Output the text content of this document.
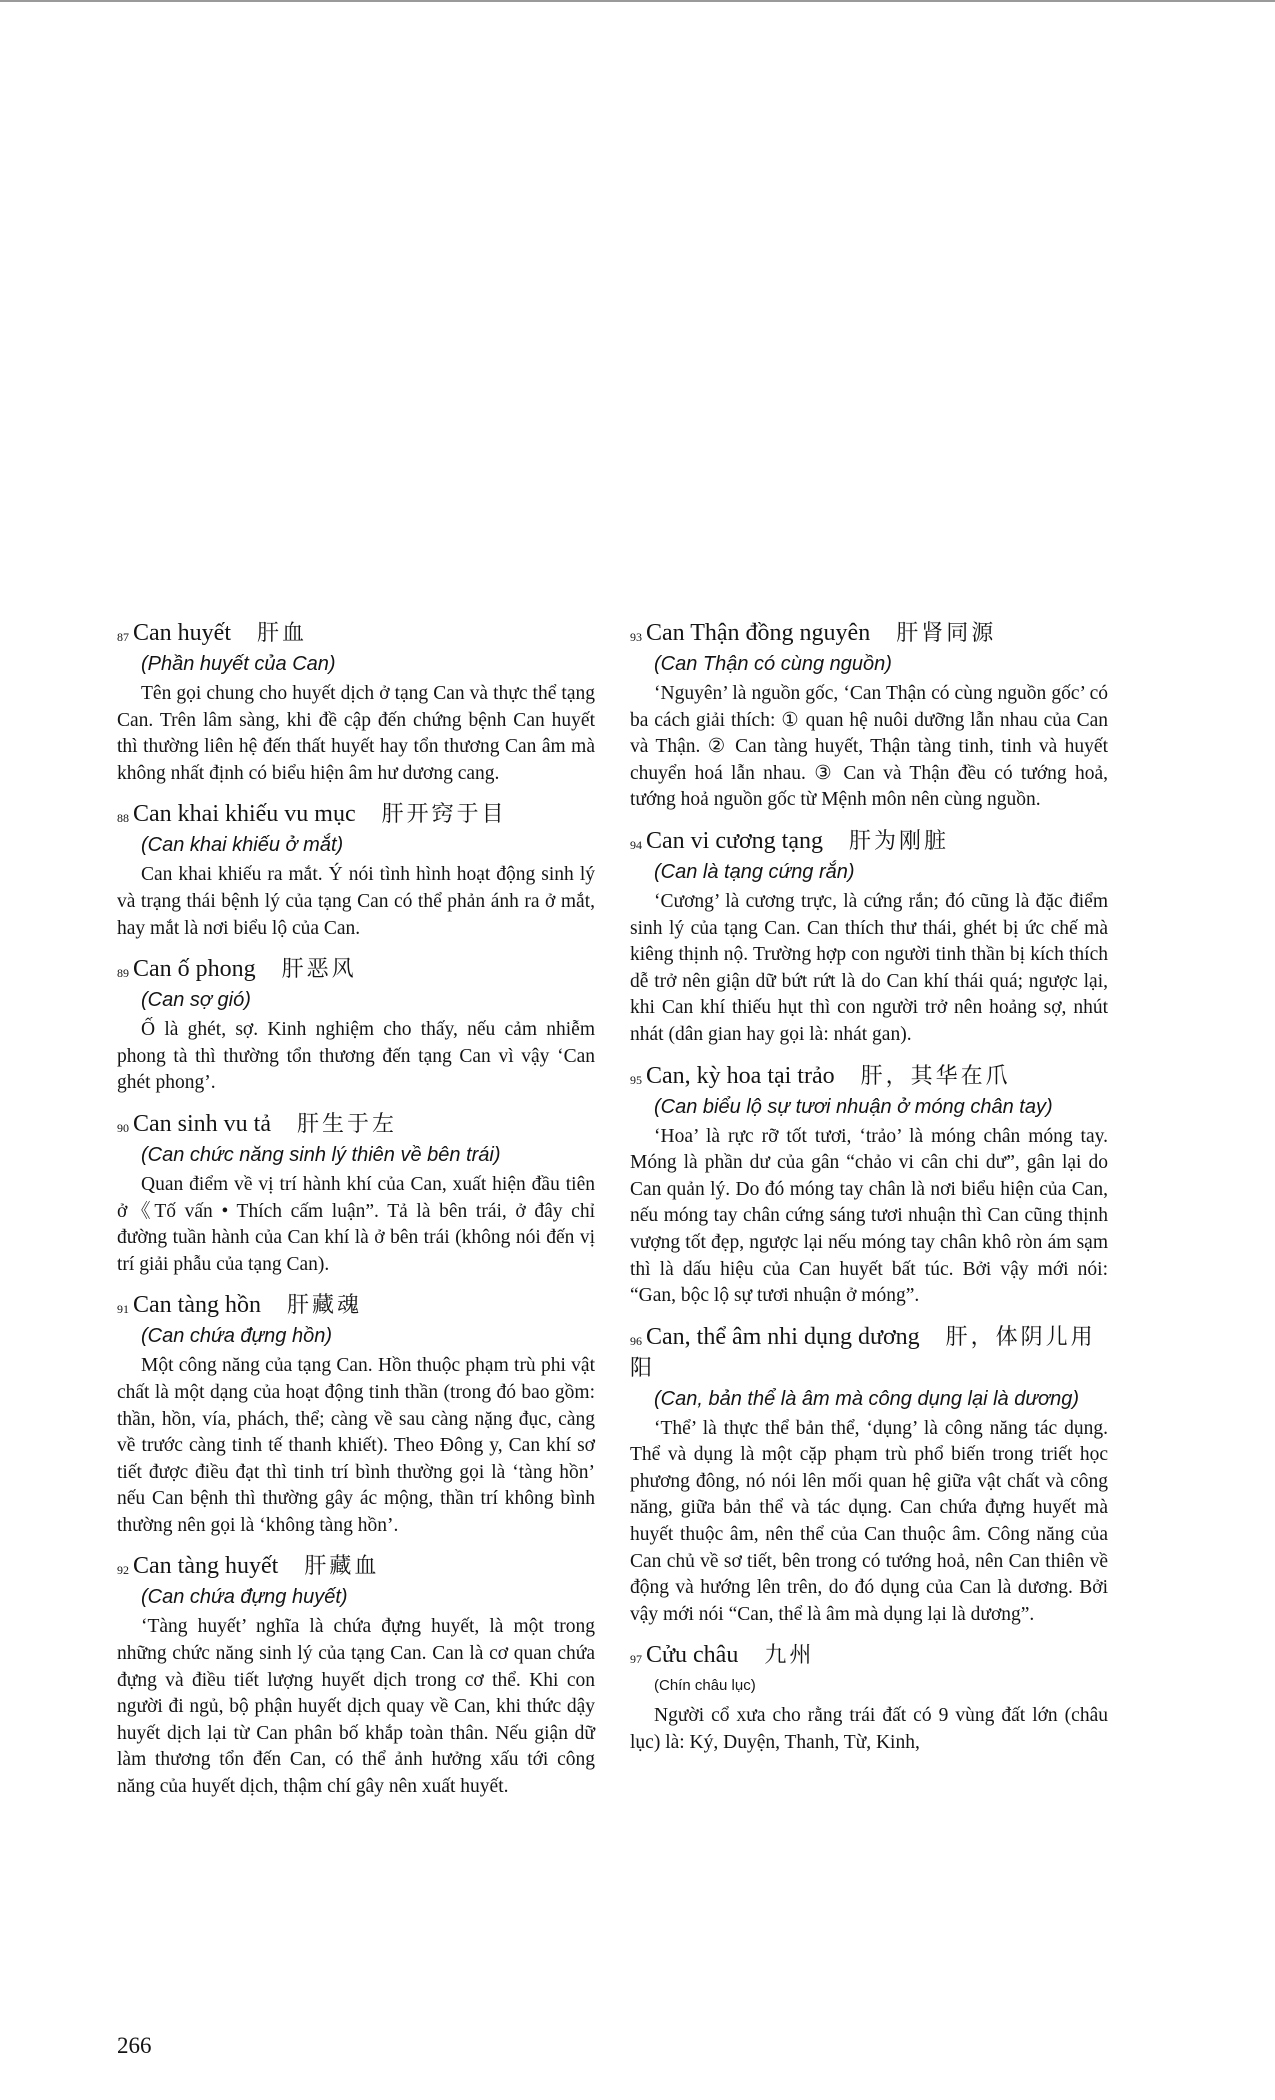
$^{87}$ Can huyết 肝血
(Phần huyết của Can)

Tên gọi chung cho huyết dịch ở tạng Can và thực thể tạng Can. Trên lâm sàng, khi đề cập đến chứng bệnh Can huyết thì thường liên hệ đến thất huyết hay tổn thương Can âm mà không nhất định có biểu hiện âm hư dương cang.

$^{88}$ Can khai khiếu vu mục 肝开窍于目
(Can khai khiếu ở mắt)

Can khai khiếu ra mắt. Ý nói tình hình hoạt động sinh lý và trạng thái bệnh lý của tạng Can có thể phản ánh ra ở mắt, hay mắt là nơi biểu lộ của Can.

$^{89}$ Can ố phong 肝恶风
(Can sợ gió)

Ố là ghét, sợ. Kinh nghiệm cho thấy, nếu cảm nhiễm phong tà thì thường tổn thương đến tạng Can vì vậy ‘Can ghét phong’.

$^{90}$ Can sinh vu tả 肝生于左
(Can chức năng sinh lý thiên về bên trái)

Quan điểm về vị trí hành khí của Can, xuất hiện đầu tiên ở《Tố vấn • Thích cấm luận”. Tả là bên trái, ở đây chỉ đường tuần hành của Can khí là ở bên trái (không nói đến vị trí giải phẫu của tạng Can).

$^{91}$ Can tàng hồn 肝藏魂
(Can chứa đựng hồn)

Một công năng của tạng Can. Hồn thuộc phạm trù phi vật chất là một dạng của hoạt động tinh thần (trong đó bao gồm: thần, hồn, vía, phách, thể; càng về sau càng nặng đục, càng về trước càng tinh tế thanh khiết). Theo Đông y, Can khí sơ tiết được điều đạt thì tinh trí bình thường gọi là ‘tàng hồn’ nếu Can bệnh thì thường gây ác mộng, thần trí không bình thường nên gọi là ‘không tàng hồn’.

$^{92}$ Can tàng huyết 肝藏血
(Can chứa đựng huyết)

‘Tàng huyết’ nghĩa là chứa đựng huyết, là một trong những chức năng sinh lý của tạng Can. Can là cơ quan chứa đựng và điều tiết lượng huyết dịch trong cơ thể. Khi con người đi ngủ, bộ phận huyết dịch quay về Can, khi thức dậy huyết dịch lại từ Can phân bố khắp toàn thân. Nếu giận dữ làm thương tổn đến Can, có thể ảnh hưởng xấu tới công năng của huyết dịch, thậm chí gây nên xuất huyết.

$^{93}$ Can Thận đồng nguyên 肝肾同源
(Can Thận có cùng nguồn)

‘Nguyên’ là nguồn gốc, ‘Can Thận có cùng nguồn gốc’ có ba cách giải thích: ① quan hệ nuôi dưỡng lẫn nhau của Can và Thận. ② Can tàng huyết, Thận tàng tinh, tinh và huyết chuyển hoá lẫn nhau. ③ Can và Thận đều có tướng hoả, tướng hoả nguồn gốc từ Mệnh môn nên cùng nguồn.

$^{94}$ Can vi cương tạng 肝为刚脏
(Can là tạng cứng rắn)

‘Cương’ là cương trực, là cứng rắn; đó cũng là đặc điểm sinh lý của tạng Can. Can thích thư thái, ghét bị ức chế mà kiêng thịnh nộ. Trường hợp con người tinh thần bị kích thích dễ trở nên giận dữ bứt rứt là do Can khí thái quá; ngược lại, khi Can khí thiếu hụt thì con người trở nên hoảng sợ, nhút nhát (dân gian hay gọi là: nhát gan).

$^{95}$ Can, kỳ hoa tại trảo 肝，其华在爪
(Can biểu lộ sự tươi nhuận ở móng chân tay)

‘Hoa’ là rực rỡ tốt tươi, ‘trảo’ là móng chân móng tay. Móng là phần dư của gân “chảo vi cân chi dư”, gân lại do Can quản lý. Do đó móng tay chân là nơi biểu hiện của Can, nếu móng tay chân cứng sáng tươi nhuận thì Can cũng thịnh vượng tốt đẹp, ngược lại nếu móng tay chân khô ròn ám sạm thì là dấu hiệu của Can huyết bất túc. Bởi vậy mới nói: “Gan, bộc lộ sự tươi nhuận ở móng”.

$^{96}$ Can, thể âm nhi dụng dương 肝，体阴儿用阳
(Can, bản thể là âm mà công dụng lại là dương)

‘Thể’ là thực thể bản thể, ‘dụng’ là công năng tác dụng. Thể và dụng là một cặp phạm trù phổ biến trong triết học phương đông, nó nói lên mối quan hệ giữa vật chất và công năng, giữa bản thể và tác dụng. Can chứa đựng huyết mà huyết thuộc âm, nên thể của Can thuộc âm. Công năng của Can chủ về sơ tiết, bên trong có tướng hoả, nên Can thiên về động và hướng lên trên, do đó dụng của Can là dương. Bởi vậy mới nói “Can, thể là âm mà dụng lại là dương”.

$^{97}$ Cửu châu 九州
(Chín châu lục)

Người cổ xưa cho rằng trái đất có 9 vùng đất lớn (châu lục) là: Ký, Duyện, Thanh, Từ, Kinh,

266
